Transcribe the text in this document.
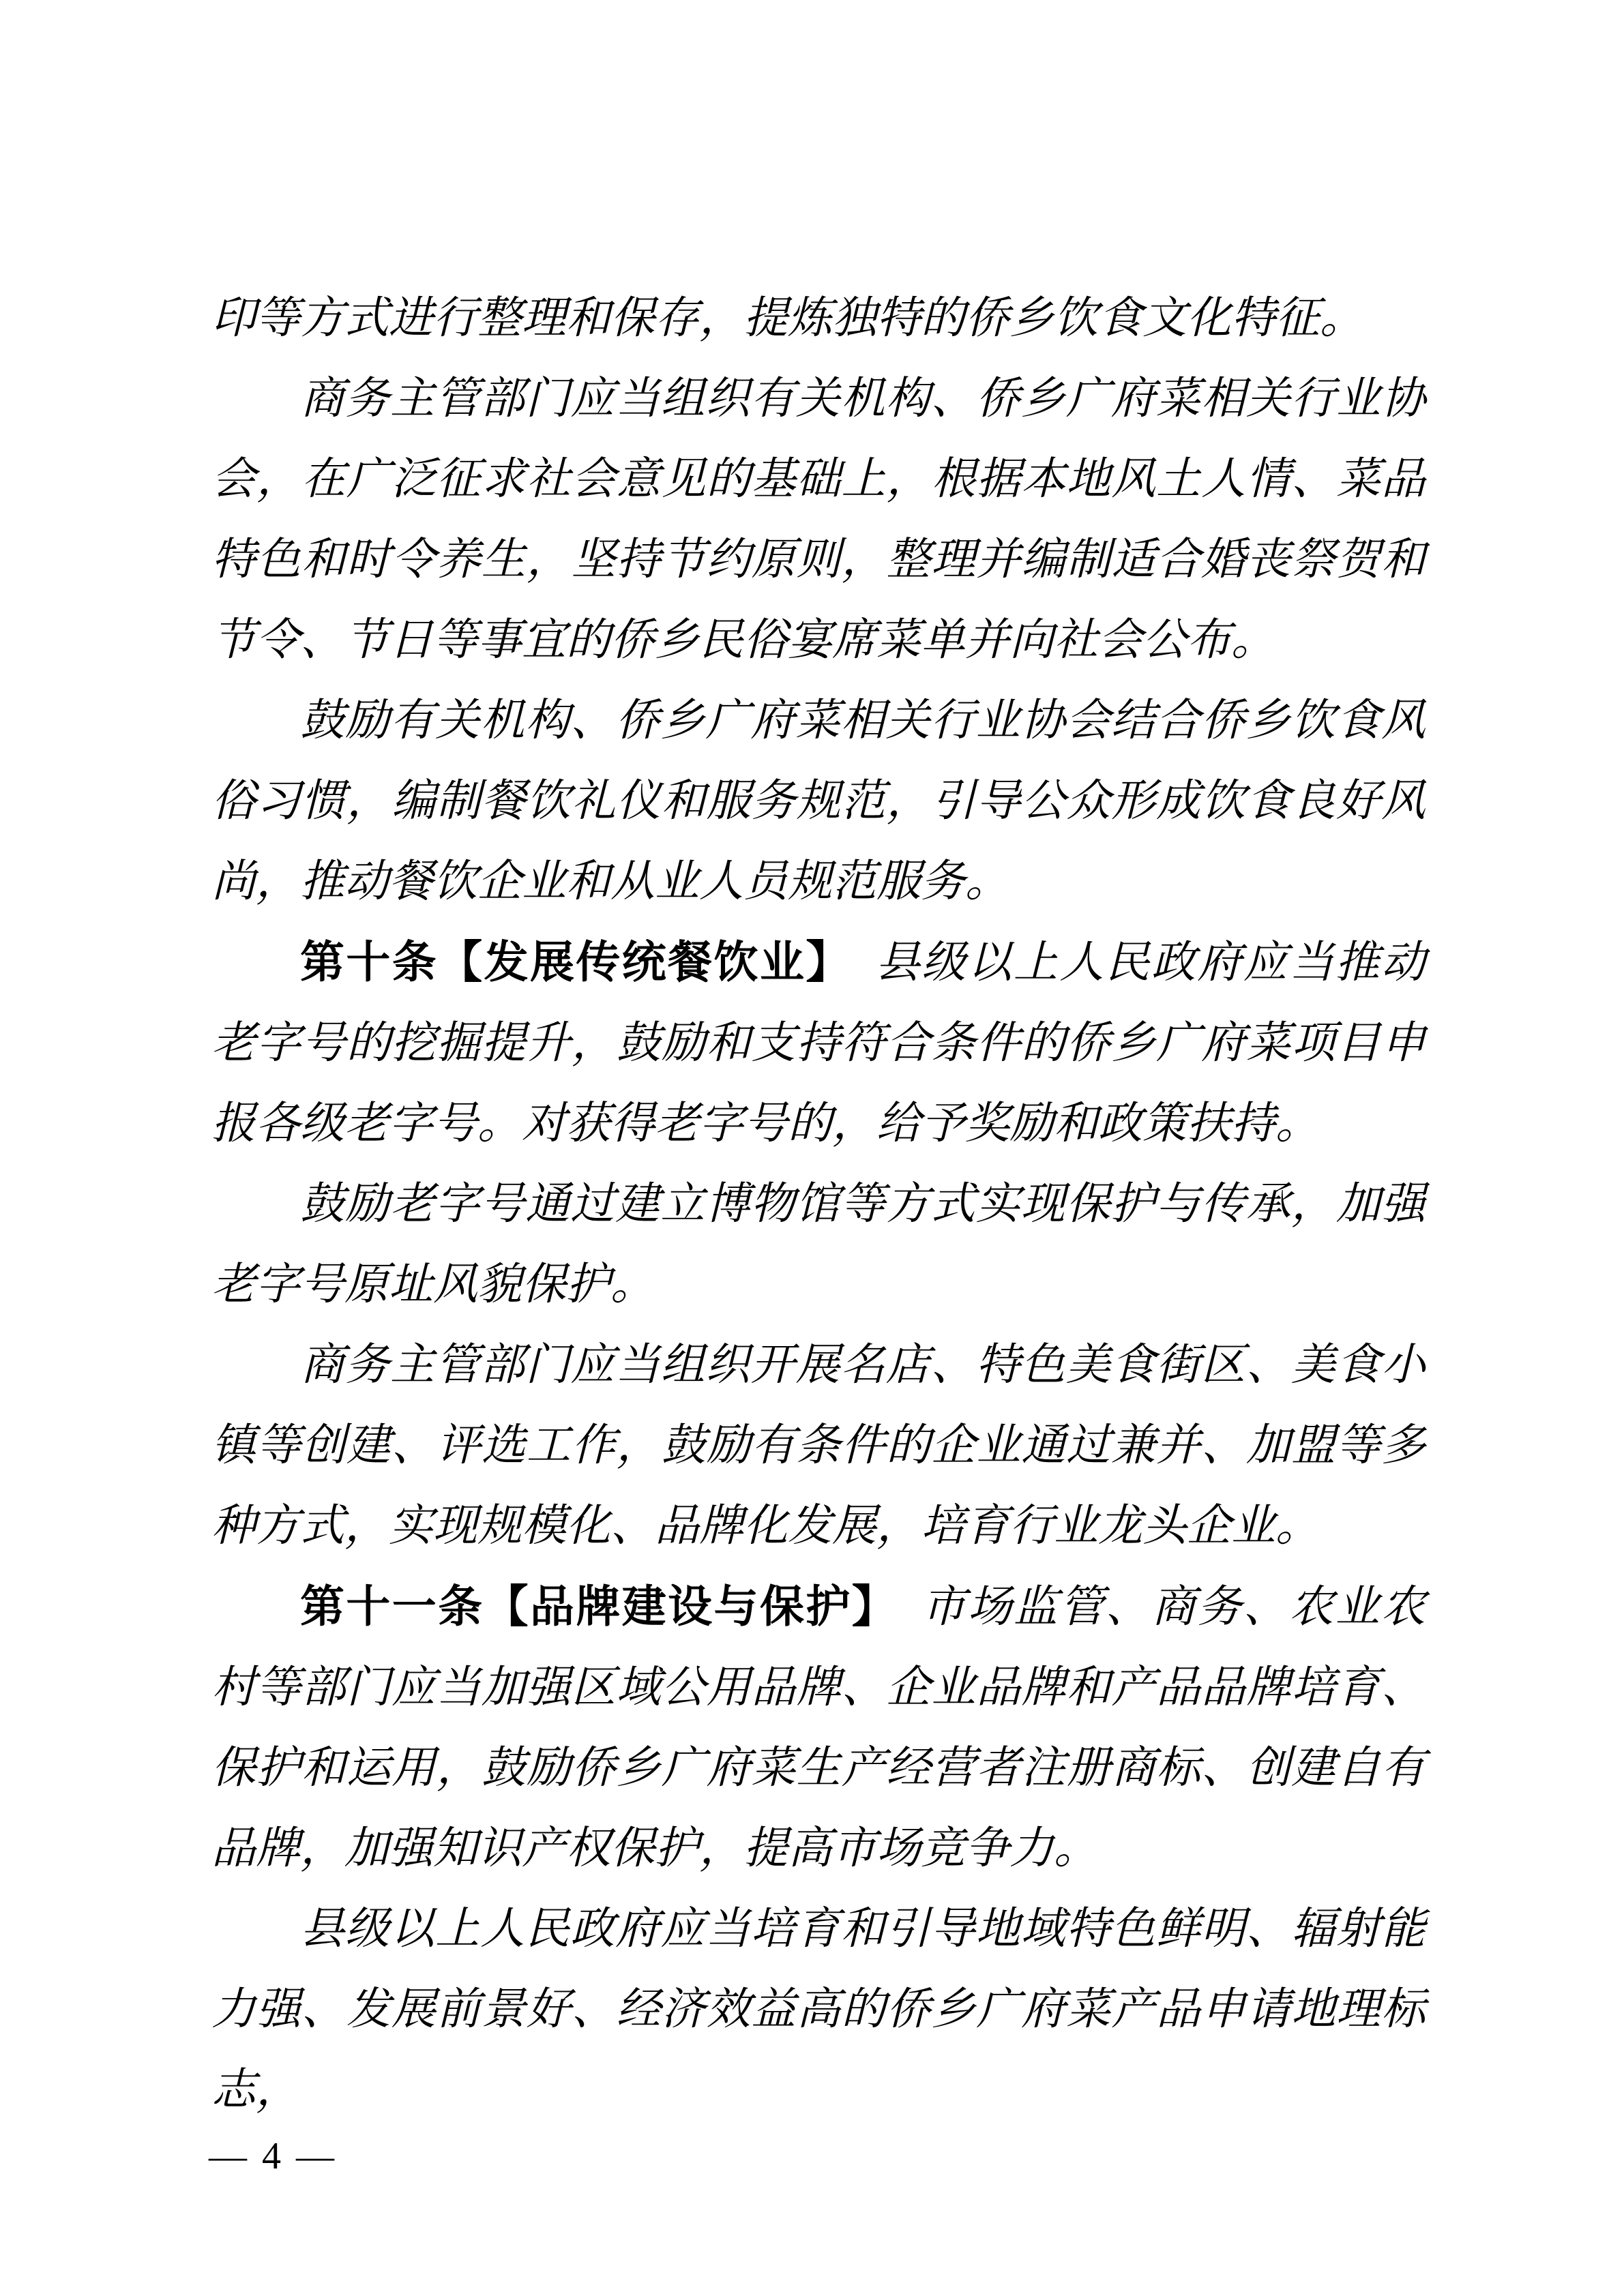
印等方式进行整理和保存，提炼独特的侨乡饮食文化特征。

商务主管部门应当组织有关机构、侨乡广府菜相关行业协会，在广泛征求社会意见的基础上，根据本地风土人情、菜品特色和时令养生，坚持节约原则，整理并编制适合婚丧祭贺和节令、节日等事宜的侨乡民俗宴席菜单并向社会公布。

鼓励有关机构、侨乡广府菜相关行业协会结合侨乡饮食风俗习惯，编制餐饮礼仪和服务规范，引导公众形成饮食良好风尚，推动餐饮企业和从业人员规范服务。

第十条【发展传统餐饮业】　县级以上人民政府应当推动老字号的挖掘提升，鼓励和支持符合条件的侨乡广府菜项目申报各级老字号。对获得老字号的，给予奖励和政策扶持。

鼓励老字号通过建立博物馆等方式实现保护与传承，加强老字号原址风貌保护。

商务主管部门应当组织开展名店、特色美食街区、美食小镇等创建、评选工作，鼓励有条件的企业通过兼并、加盟等多种方式，实现规模化、品牌化发展，培育行业龙头企业。

第十一条【品牌建设与保护】　市场监管、商务、农业农村等部门应当加强区域公用品牌、企业品牌和产品品牌培育、保护和运用，鼓励侨乡广府菜生产经营者注册商标、创建自有品牌，加强知识产权保护，提高市场竞争力。

县级以上人民政府应当培育和引导地域特色鲜明、辐射能力强、发展前景好、经济效益高的侨乡广府菜产品申请地理标志，

— 4 —
